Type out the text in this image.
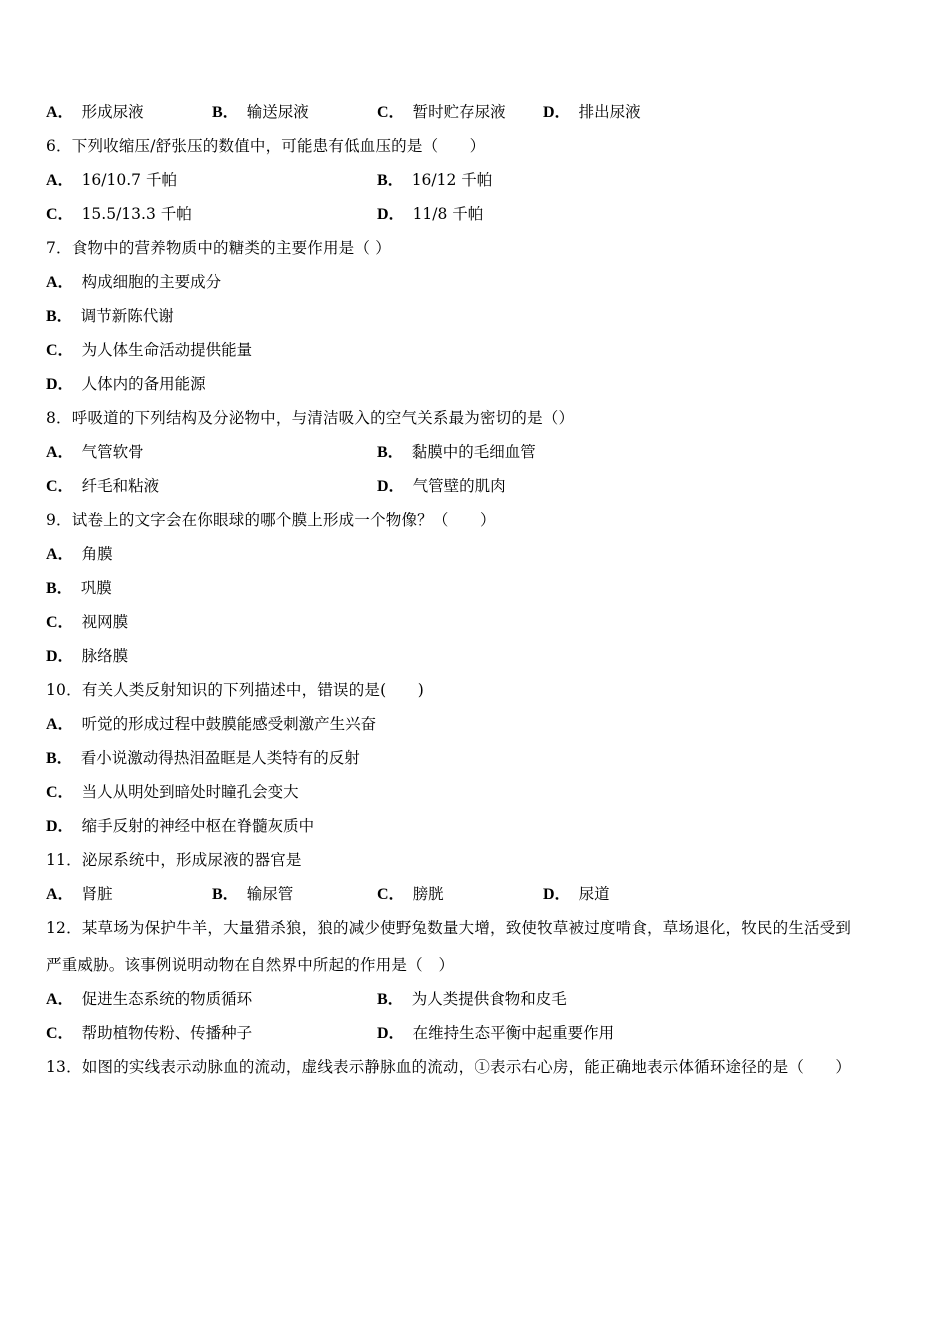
A． 形成尿液	B． 输送尿液	C． 暂时贮存尿液 D． 排出尿液
6．下列收缩压/舒张压的数值中，可能患有低血压的是（　　）
A． 16/10.7 千帕	B． 16/12 千帕
C． 15.5/13.3 千帕	D． 11/8 千帕
7．食物中的营养物质中的糖类的主要作用是（ ）
A． 构成细胞的主要成分
B． 调节新陈代谢
C． 为人体生命活动提供能量
D． 人体内的备用能源
8．呼吸道的下列结构及分泌物中，与清洁吸入的空气关系最为密切的是（）
A． 气管软骨	B． 黏膜中的毛细血管
C． 纤毛和粘液	D． 气管壁的肌肉
9．试卷上的文字会在你眼球的哪个膜上形成一个物像？（　　）
A． 角膜
B． 巩膜
C． 视网膜
D． 脉络膜
10．有关人类反射知识的下列描述中，错误的是(　　)
A． 听觉的形成过程中鼓膜能感受刺激产生兴奋
B． 看小说激动得热泪盈眶是人类特有的反射
C． 当人从明处到暗处时瞳孔会变大
D． 缩手反射的神经中枢在脊髓灰质中
11．泌尿系统中，形成尿液的器官是
A． 肾脏	B． 输尿管	C． 膀胱	D． 尿道
12．某草场为保护牛羊，大量猎杀狼，狼的减少使野兔数量大增，致使牧草被过度啃食，草场退化，牧民的生活受到
严重威胁。该事例说明动物在自然界中所起的作用是（　）
A． 促进生态系统的物质循环	B． 为人类提供食物和皮毛
C． 帮助植物传粉、传播种子	D． 在维持生态平衡中起重要作用
13．如图的实线表示动脉血的流动，虚线表示静脉血的流动，①表示右心房，能正确地表示体循环途径的是（　　）
